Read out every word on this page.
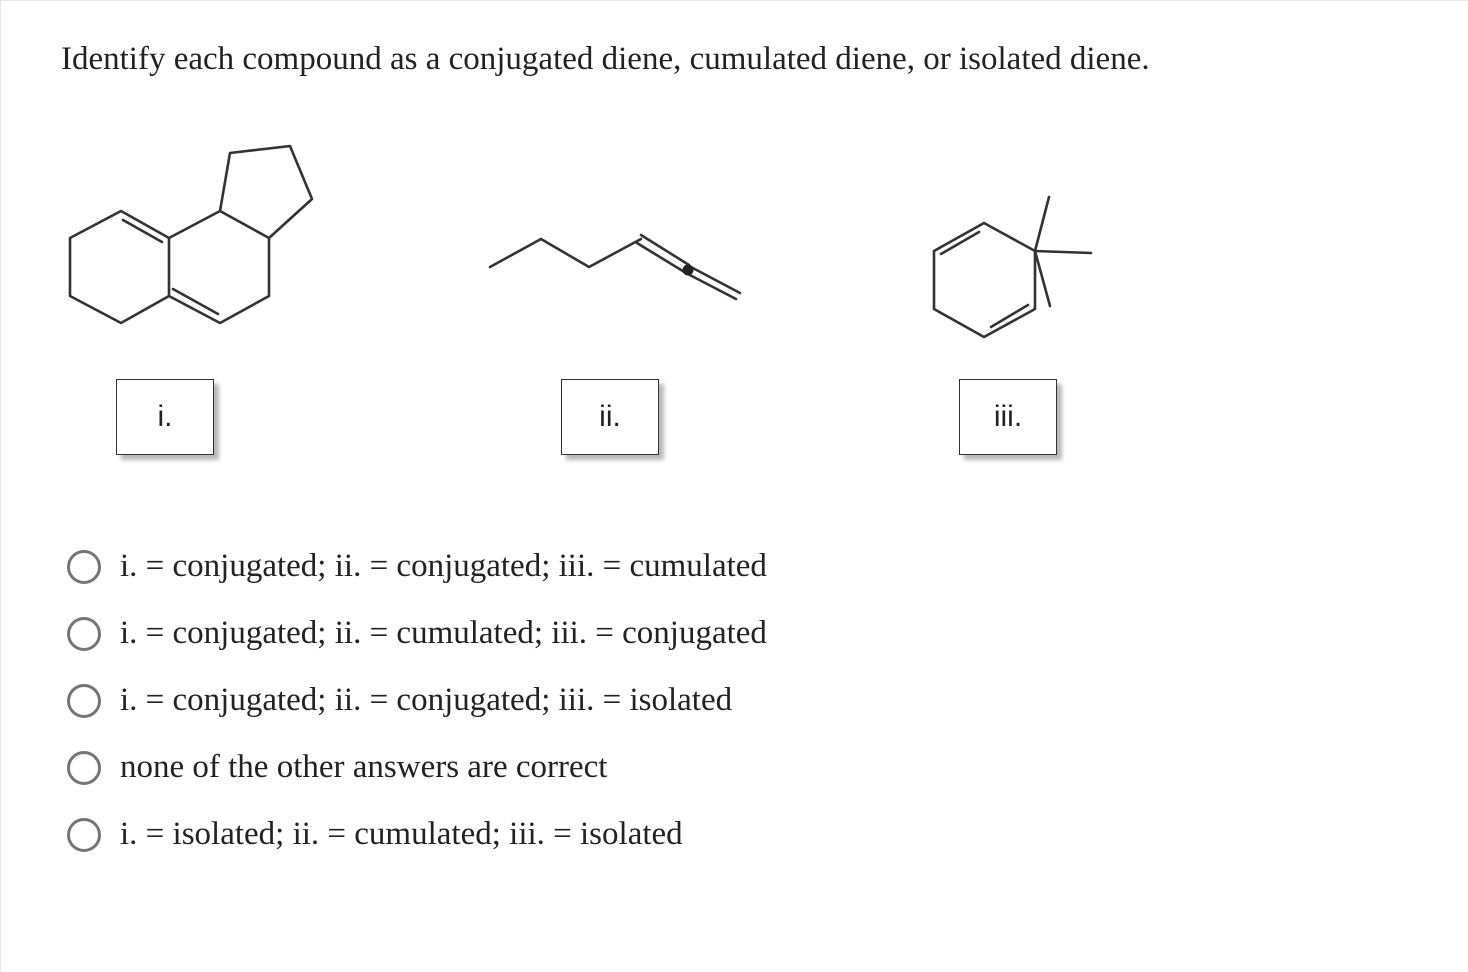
Identify each compound as a conjugated diene, cumulated diene, or isolated diene.

i.	ii.	iii.
i. = conjugated; ii. = conjugated; iii. = cumulated
i. = conjugated; ii. = cumulated; iii. = conjugated
i. = conjugated; ii. = conjugated; iii. = isolated
none of the other answers are correct
i. = isolated; ii. = cumulated; iii. = isolated
